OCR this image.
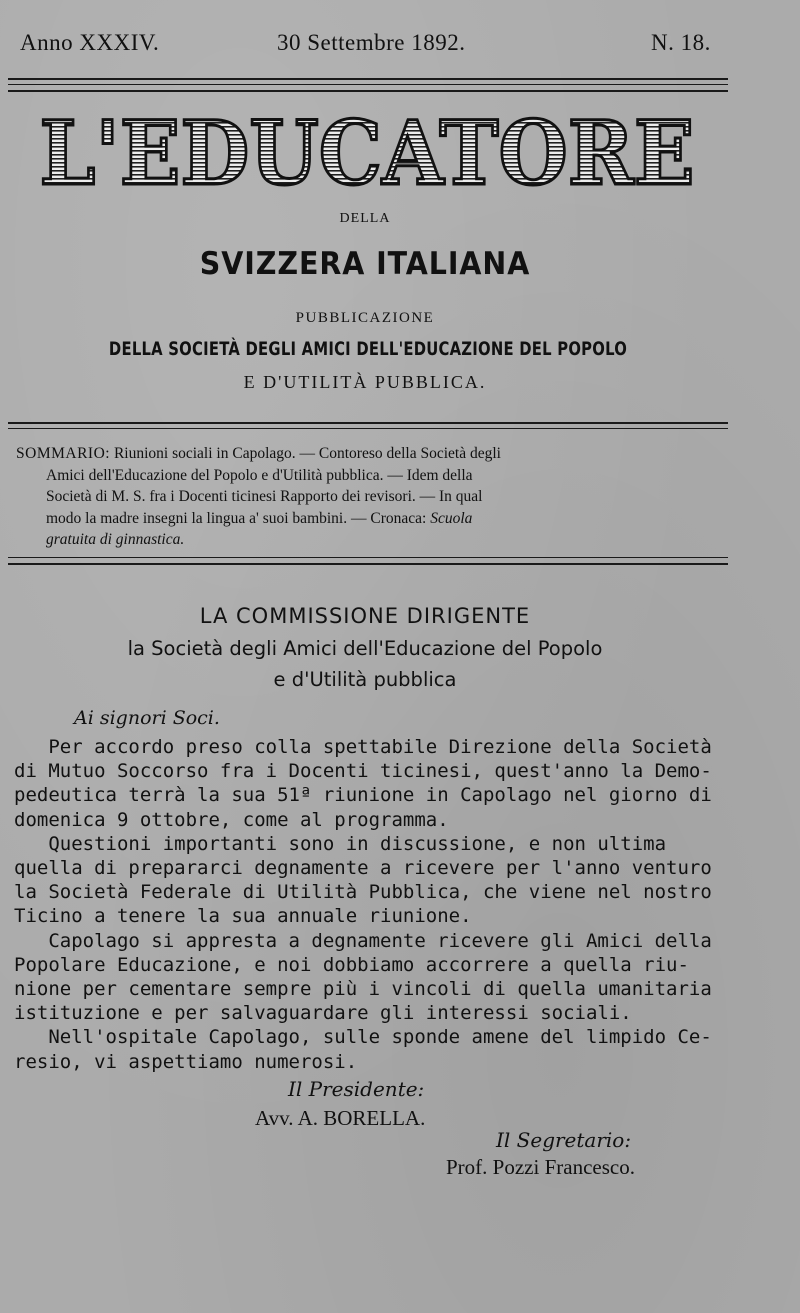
Anno XXXIV.	30 Settembre 1892.	N. 18.
L'EDUCATORE
DELLA
SVIZZERA ITALIANA
PUBBLICAZIONE
DELLA SOCIETÀ DEGLI AMICI DELL'EDUCAZIONE DEL POPOLO
E D'UTILITÀ PUBBLICA.
SOMMARIO: Riunioni sociali in Capolago. — Contoreso della Società degli
Amici dell'Educazione del Popolo e d'Utilità pubblica. — Idem della
Società di M. S. fra i Docenti ticinesi Rapporto dei revisori. — In qual
modo la madre insegni la lingua a' suoi bambini. — Cronaca: Scuola
gratuita di ginnastica.
LA COMMISSIONE DIRIGENTE
la Società degli Amici dell'Educazione del Popolo
e d'Utilità pubblica
Ai signori Soci.
Per accordo preso colla spettabile Direzione della Società
di Mutuo Soccorso fra i Docenti ticinesi, quest'anno la Demo-
pedeutica terrà la sua 51ª riunione in Capolago nel giorno di
domenica 9 ottobre, come al programma.
Questioni importanti sono in discussione, e non ultima
quella di prepararci degnamente a ricevere per l'anno venturo
la Società Federale di Utilità Pubblica, che viene nel nostro
Ticino a tenere la sua annuale riunione.
Capolago si appresta a degnamente ricevere gli Amici della
Popolare Educazione, e noi dobbiamo accorrere a quella riu-
nione per cementare sempre più i vincoli di quella umanitaria
istituzione e per salvaguardare gli interessi sociali.
Nell'ospitale Capolago, sulle sponde amene del limpido Ce-
resio, vi aspettiamo numerosi.
Il Presidente:
Avv. A. BORELLA.
Il Segretario:
Prof. Pozzi Francesco.
